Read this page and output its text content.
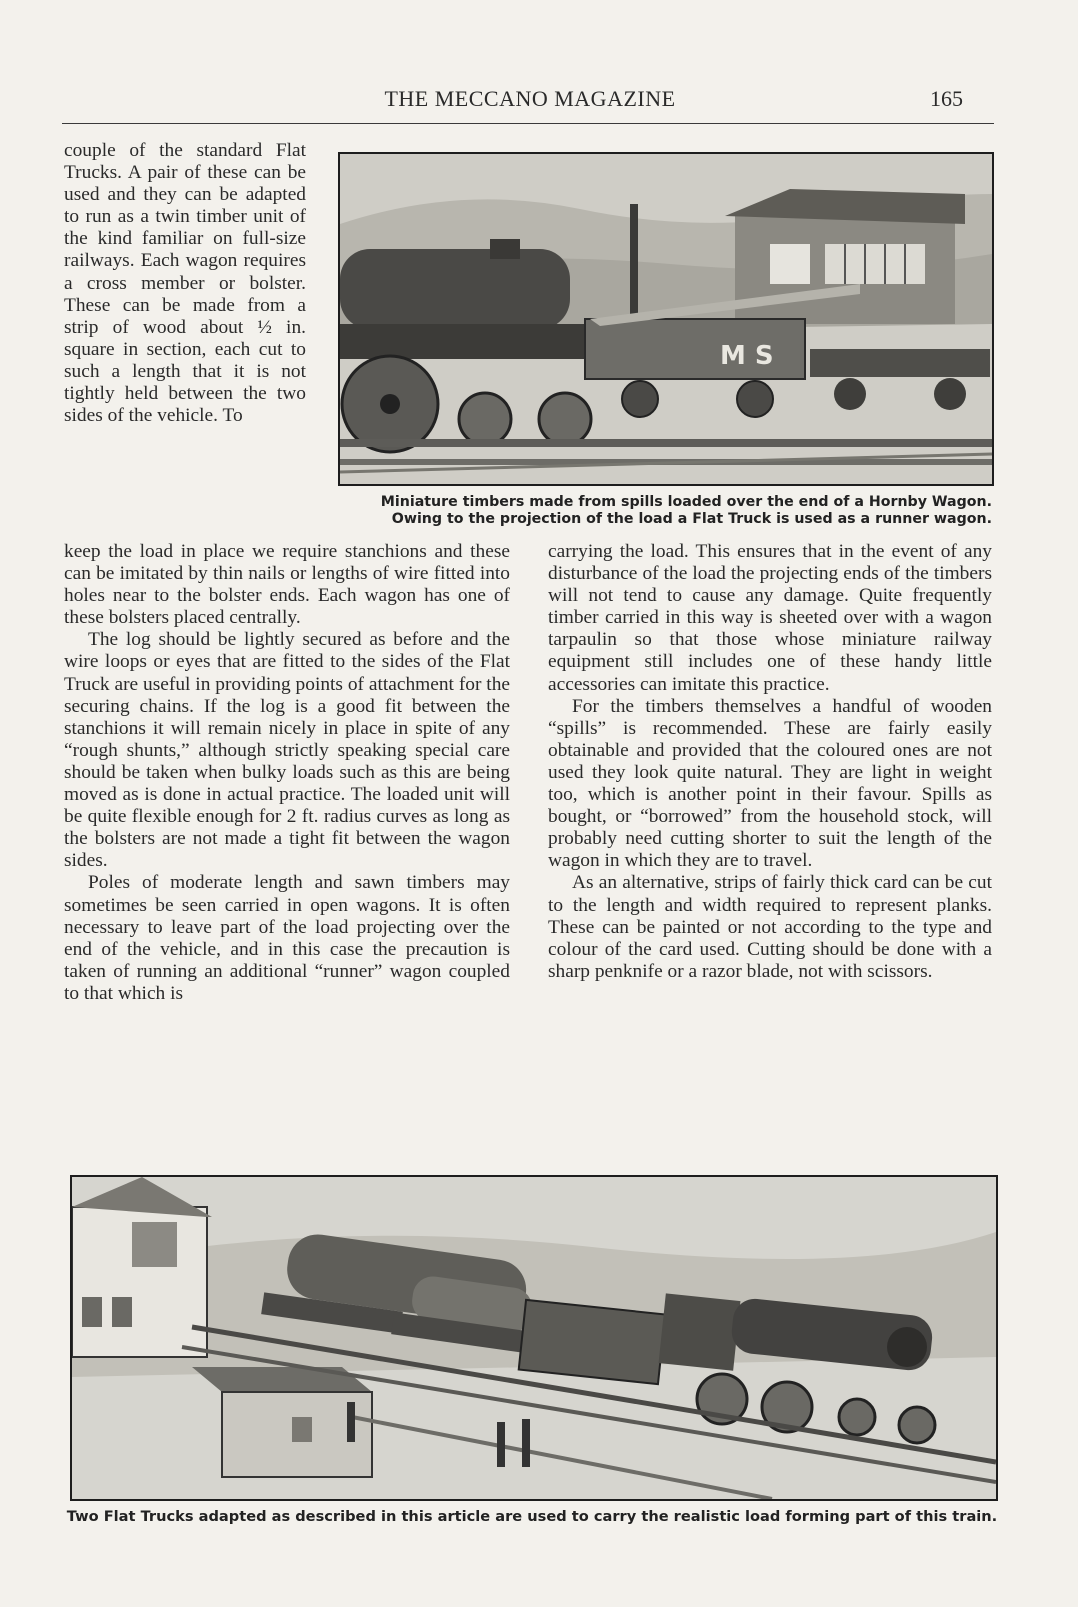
THE MECCANO MAGAZINE	165

couple of the standard Flat Trucks. A pair of these can be used and they can be adapted to run as a twin timber unit of the kind familiar on full-size railways. Each wagon requires a cross member or bolster. These can be made from a strip of wood about ½ in. square in section, each cut to such a length that it is not tightly held between the two sides of the vehicle. To

M S
Miniature timbers made from spills loaded over the end of a Hornby Wagon.
Owing to the projection of the load a Flat Truck is used as a runner wagon.

keep the load in place we require stanchions and these can be imitated by thin nails or lengths of wire fitted into holes near to the bolster ends. Each wagon has one of these bolsters placed centrally.

The log should be lightly secured as before and the wire loops or eyes that are fitted to the sides of the Flat Truck are useful in providing points of attachment for the securing chains. If the log is a good fit between the stanchions it will remain nicely in place in spite of any “rough shunts,” although strictly speaking special care should be taken when bulky loads such as this are being moved as is done in actual practice. The loaded unit will be quite flexible enough for 2 ft. radius curves as long as the bolsters are not made a tight fit between the wagon sides.

Poles of moderate length and sawn timbers may sometimes be seen carried in open wagons. It is often necessary to leave part of the load projecting over the end of the vehicle, and in this case the precaution is taken of running an additional “runner” wagon coupled to that which is

carrying the load. This ensures that in the event of any disturbance of the load the projecting ends of the timbers will not tend to cause any damage. Quite frequently timber carried in this way is sheeted over with a wagon tarpaulin so that those whose miniature railway equipment still includes one of these handy little accessories can imitate this practice.

For the timbers themselves a handful of wooden “spills” is recommended. These are fairly easily obtainable and provided that the coloured ones are not used they look quite natural. They are light in weight too, which is another point in their favour. Spills as bought, or “borrowed” from the household stock, will probably need cutting shorter to suit the length of the wagon in which they are to travel.

As an alternative, strips of fairly thick card can be cut to the length and width required to represent planks. These can be painted or not according to the type and colour of the card used. Cutting should be done with a sharp penknife or a razor blade, not with scissors.

Two Flat Trucks adapted as described in this article are used to carry the realistic load forming part of this train.
